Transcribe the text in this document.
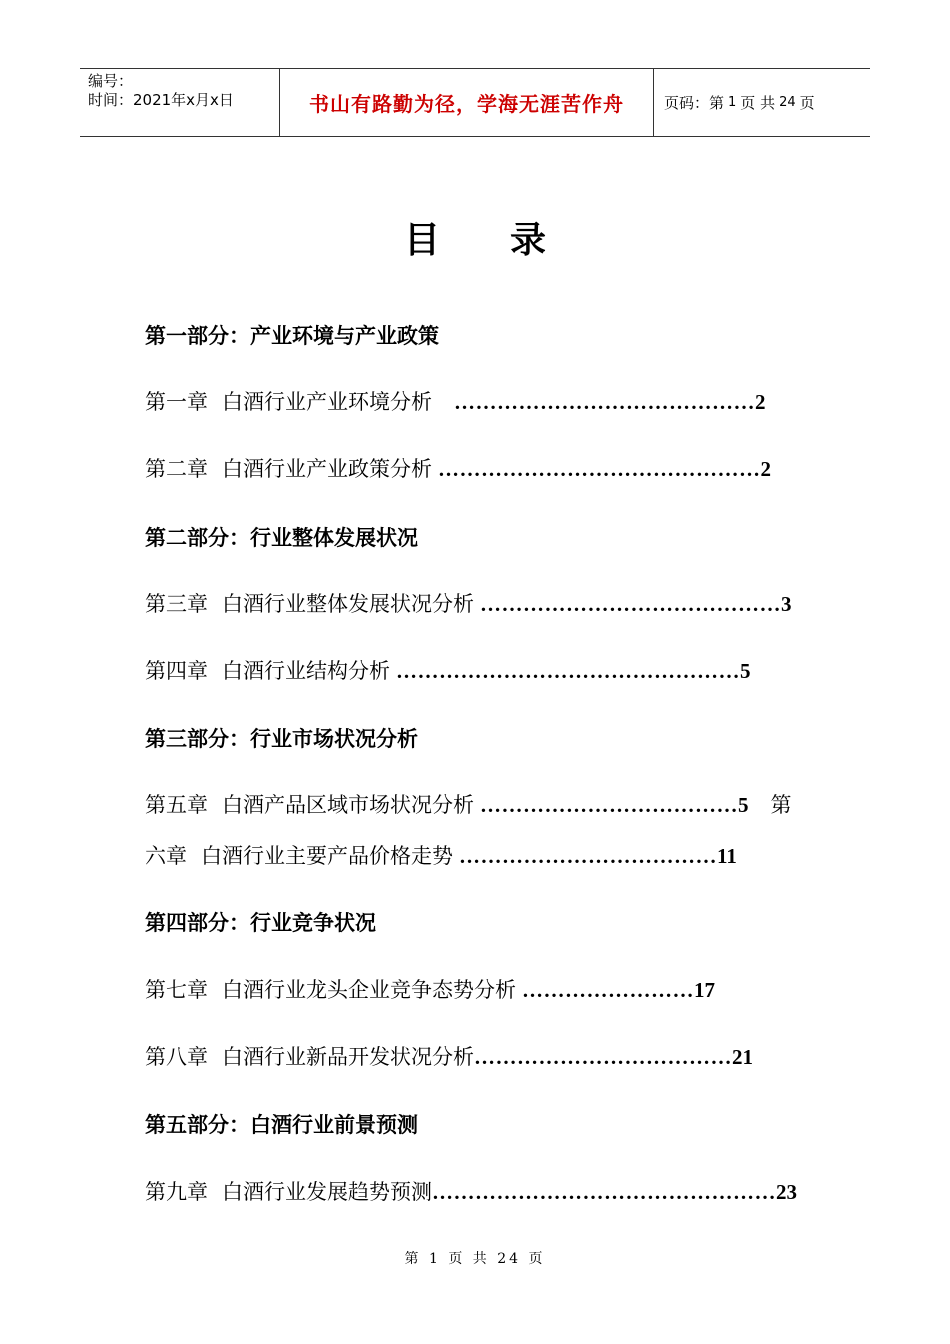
编号：
时间：2021年x月x日	书山有路勤为径，学海无涯苦作舟	页码：第 1 页 共 24 页
目 录
第一部分：产业环境与产业政策
第一章 白酒行业产业环境分析 ……………………………………2
第二章 白酒行业产业政策分析 ………………………………………2
第二部分：行业整体发展状况
第三章 白酒行业整体发展状况分析 ……………………………………3
第四章 白酒行业结构分析 …………………………………………5
第三部分：行业市场状况分析
第五章 白酒产品区域市场状况分析 ………………………………5 第
六章 白酒行业主要产品价格走势 ………………………………11
第四部分：行业竞争状况
第七章 白酒行业龙头企业竞争态势分析 ……………………17
第八章 白酒行业新品开发状况分析………………………………21
第五部分：白酒行业前景预测
第九章 白酒行业发展趋势预测…………………………………………23
第 1 页 共 24 页
